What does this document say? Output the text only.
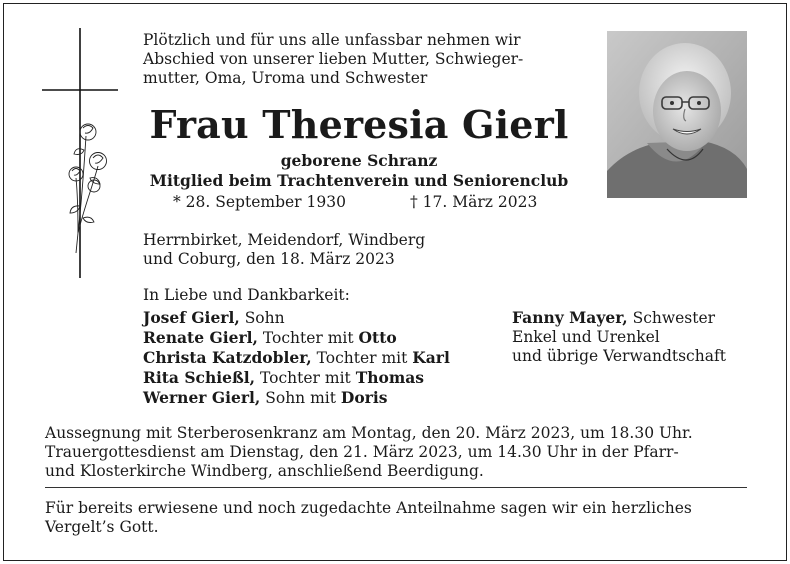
Plötzlich und für uns alle unfassbar nehmen wir
Abschied von unserer lieben Mutter, Schwieger-
mutter, Oma, Uroma und Schwester

Frau Theresia Gierl
geborene Schranz
Mitglied beim Trachtenverein und Seniorenclub
* 28. September 1930	† 17. März 2023

Herrnbirket, Meidendorf, Windberg
und Coburg, den 18. März 2023

In Liebe und Dankbarkeit:
Josef Gierl, Sohn
Renate Gierl, Tochter mit Otto
Christa Katzdobler, Tochter mit Karl
Rita Schießl, Tochter mit Thomas
Werner Gierl, Sohn mit Doris
Fanny Mayer, Schwester
Enkel und Urenkel
und übrige Verwandtschaft

Aussegnung mit Sterberosenkranz am Montag, den 20. März 2023, um 18.30 Uhr.
Trauergottesdienst am Dienstag, den 21. März 2023, um 14.30 Uhr in der Pfarr-
und Klosterkirche Windberg, anschließend Beerdigung.

Für bereits erwiesene und noch zugedachte Anteilnahme sagen wir ein herzliches
Vergelt’s Gott.
